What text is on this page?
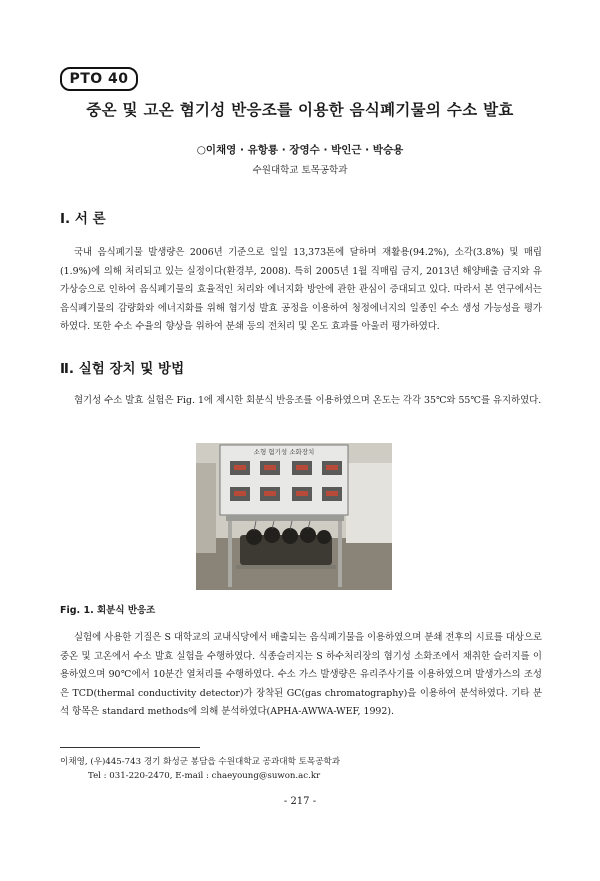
PTO 40
중온 및 고온 혐기성 반응조를 이용한 음식폐기물의 수소 발효
○이채영 · 유항룡 · 장영수 · 박인근 · 박승용
수원대학교 토목공학과
Ⅰ. 서 론

국내 음식폐기물 발생량은 2006년 기준으로 일일 13,373톤에 달하며 재활용(94.2%), 소각(3.8%) 및 매립(1.9%)에 의해 처리되고 있는 실정이다(환경부, 2008). 특히 2005년 1월 직매립 금지, 2013년 해양배출 금지와 유가상승으로 인하여 음식폐기물의 효율적인 처리와 에너지화 방안에 관한 관심이 증대되고 있다. 따라서 본 연구에서는 음식폐기물의 감량화와 에너지화를 위해 혐기성 발효 공정을 이용하여 청정에너지의 일종인 수소 생성 가능성을 평가하였다. 또한 수소 수율의 향상을 위하여 분쇄 등의 전처리 및 온도 효과를 아울러 평가하였다.

Ⅱ. 실험 장치 및 방법

혐기성 수소 발효 실험은 Fig. 1에 제시한 회분식 반응조를 이용하였으며 온도는 각각 35℃와 55℃를 유지하였다.

소형 혐기성 소화장치
Fig. 1. 회분식 반응조

실험에 사용한 기질은 S 대학교의 교내식당에서 배출되는 음식폐기물을 이용하였으며 분쇄 전후의 시료를 대상으로 중온 및 고온에서 수소 발효 실험을 수행하였다. 식종슬러지는 S 하수처리장의 혐기성 소화조에서 채취한 슬러지를 이용하였으며 90℃에서 10분간 열처리를 수행하였다. 수소 가스 발생량은 유리주사기를 이용하였으며 발생가스의 조성은 TCD(thermal conductivity detector)가 장착된 GC(gas chromatography)을 이용하여 분석하였다. 기타 분석 항목은 standard methods에 의해 분석하였다(APHA-AWWA-WEF, 1992).

이채영, (우)445-743 경기 화성군 봉담읍 수원대학교 공과대학 토목공학과
Tel : 031-220-2470, E-mail : chaeyoung@suwon.ac.kr
- 217 -
